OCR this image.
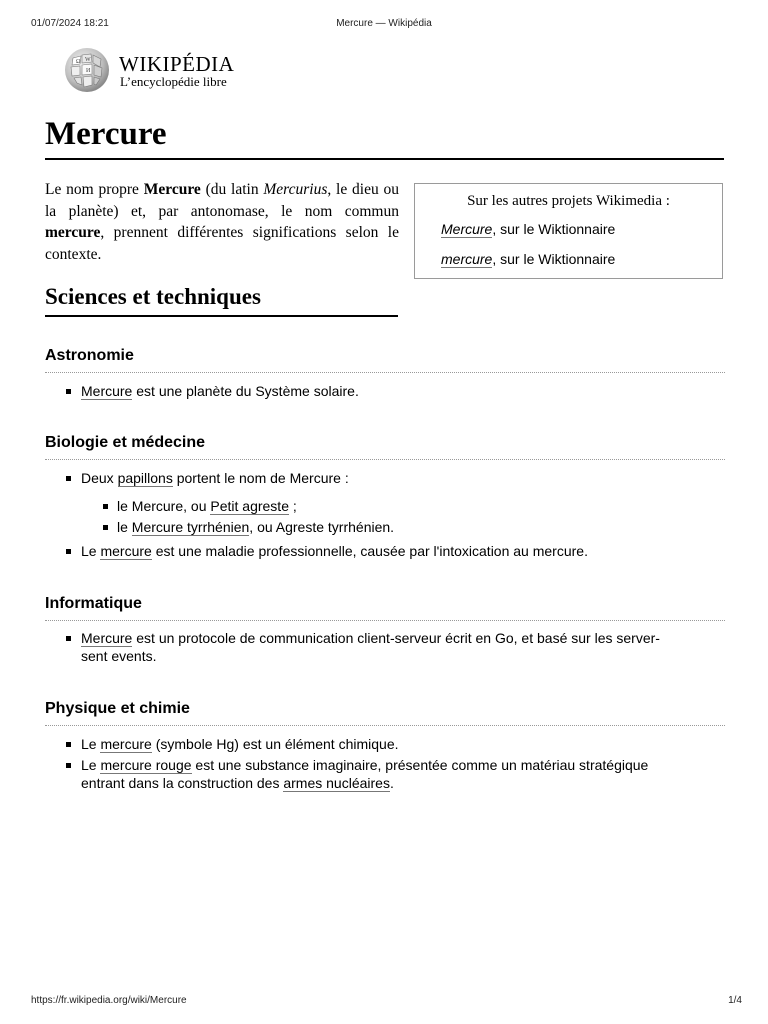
01/07/2024 18:21	Mercure — Wikipédia
Ω W
И WIKIPÉDIA
L’encyclopédie libre
Mercure

Le nom propre Mercure (du latin Mercurius, le dieu ou la planète) et, par antonomase, le nom commun mercure, prennent différentes significations selon le contexte.

Sur les autres projets Wikimedia :
Mercure, sur le Wiktionnaire
mercure, sur le Wiktionnaire
Sciences et techniques
Astronomie
Mercure est une planète du Système solaire.
Biologie et médecine
Deux papillons portent le nom de Mercure :
le Mercure, ou Petit agreste ;
le Mercure tyrrhénien, ou Agreste tyrrhénien.
Le mercure est une maladie professionnelle, causée par l'intoxication au mercure.
Informatique
Mercure est un protocole de communication client-serveur écrit en Go, et basé sur les server-
sent events.
Physique et chimie
Le mercure (symbole Hg) est un élément chimique.
Le mercure rouge est une substance imaginaire, présentée comme un matériau stratégique
entrant dans la construction des armes nucléaires.
https://fr.wikipedia.org/wiki/Mercure	1/4
